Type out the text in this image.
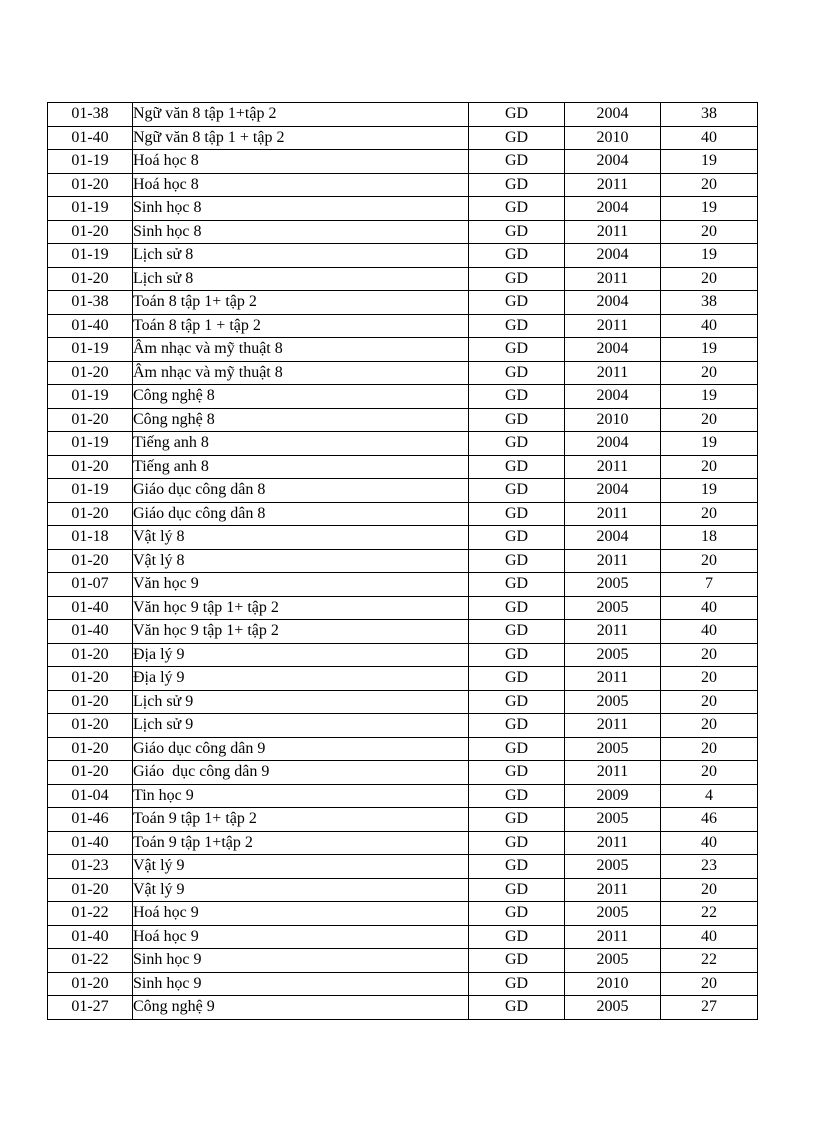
01-38	Ngữ văn 8 tập 1+tập 2	GD	2004	38
01-40	Ngữ văn 8 tập 1 + tập 2	GD	2010	40
01-19	Hoá học 8	GD	2004	19
01-20	Hoá học 8	GD	2011	20
01-19	Sinh học 8	GD	2004	19
01-20	Sinh học 8	GD	2011	20
01-19	Lịch sử 8	GD	2004	19
01-20	Lịch sử 8	GD	2011	20
01-38	Toán 8 tập 1+ tập 2	GD	2004	38
01-40	Toán 8 tập 1 + tập 2	GD	2011	40
01-19	Âm nhạc và mỹ thuật 8	GD	2004	19
01-20	Âm nhạc và mỹ thuật 8	GD	2011	20
01-19	Công nghệ 8	GD	2004	19
01-20	Công nghệ 8	GD	2010	20
01-19	Tiếng anh 8	GD	2004	19
01-20	Tiếng anh 8	GD	2011	20
01-19	Giáo dục công dân 8	GD	2004	19
01-20	Giáo dục công dân 8	GD	2011	20
01-18	Vật lý 8	GD	2004	18
01-20	Vật lý 8	GD	2011	20
01-07	Văn học 9	GD	2005	7
01-40	Văn học 9 tập 1+ tập 2	GD	2005	40
01-40	Văn học 9 tập 1+ tập 2	GD	2011	40
01-20	Địa lý 9	GD	2005	20
01-20	Địa lý 9	GD	2011	20
01-20	Lịch sử 9	GD	2005	20
01-20	Lịch sử 9	GD	2011	20
01-20	Giáo dục công dân 9	GD	2005	20
01-20	Giáo  dục công dân 9	GD	2011	20
01-04	Tin học 9	GD	2009	4
01-46	Toán 9 tập 1+ tập 2	GD	2005	46
01-40	Toán 9 tập 1+tập 2	GD	2011	40
01-23	Vật lý 9	GD	2005	23
01-20	Vật lý 9	GD	2011	20
01-22	Hoá học 9	GD	2005	22
01-40	Hoá học 9	GD	2011	40
01-22	Sinh học 9	GD	2005	22
01-20	Sinh học 9	GD	2010	20
01-27	Công nghệ 9	GD	2005	27
